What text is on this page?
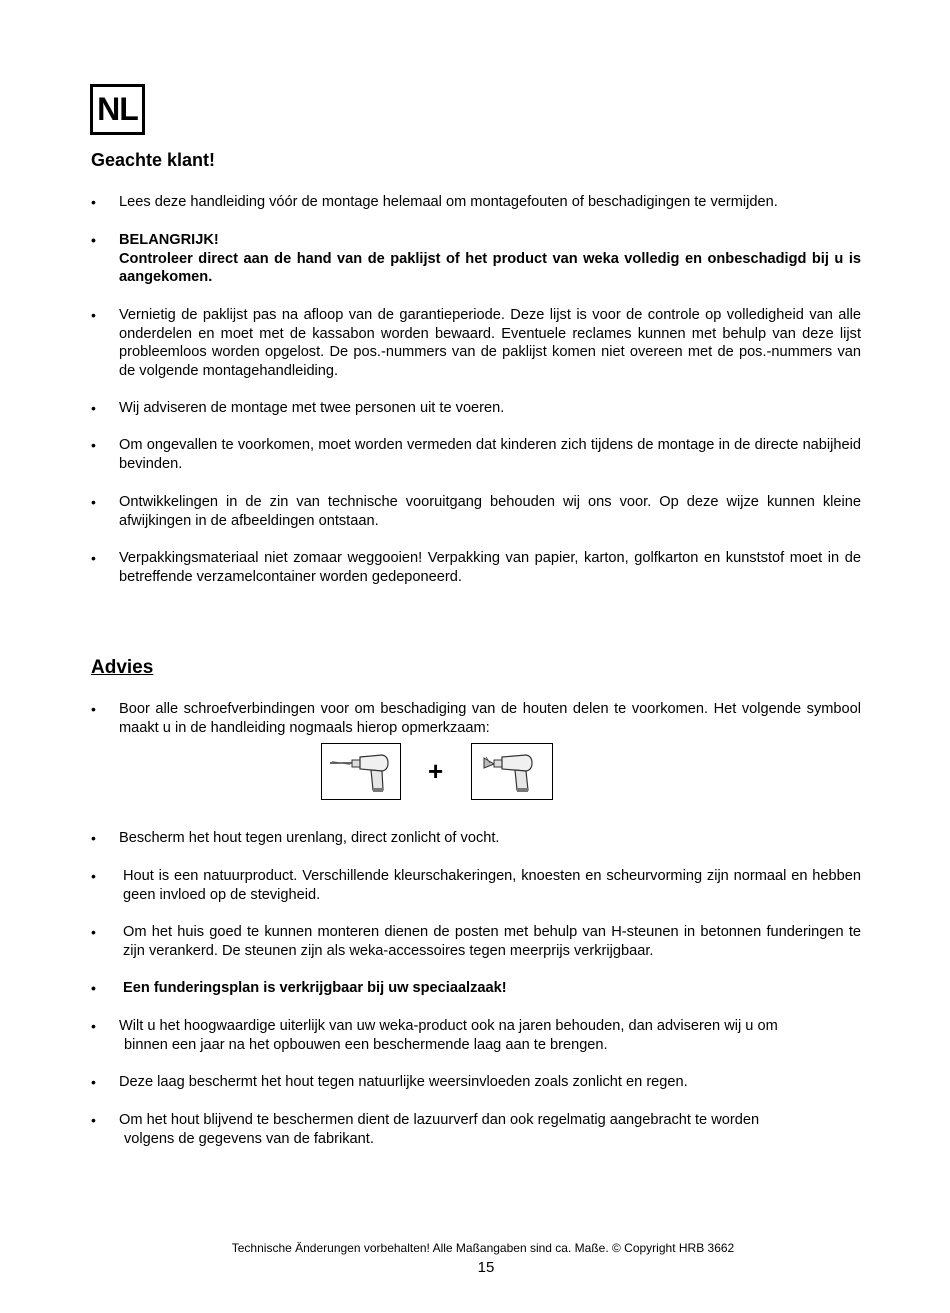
NL
Geachte klant!
• Lees deze handleiding vóór de montage helemaal om montagefouten of beschadigingen te vermijden.
• BELANGRIJK!
Controleer direct aan de hand van de paklijst of het product van weka volledig en onbeschadigd bij u is aangekomen.
• Vernietig de paklijst pas na afloop van de garantieperiode. Deze lijst is voor de controle op volledigheid van alle onderdelen en moet met de kassabon worden bewaard. Eventuele reclames kunnen met behulp van deze lijst probleemloos worden opgelost. De pos.-nummers van de paklijst komen niet overeen met de pos.-nummers van de volgende montagehandleiding.
• Wij adviseren de montage met twee personen uit te voeren.
• Om ongevallen te voorkomen, moet worden vermeden dat kinderen zich tijdens de montage in de directe nabijheid bevinden.
• Ontwikkelingen in de zin van technische vooruitgang behouden wij ons voor. Op deze wijze kunnen kleine afwijkingen in de afbeeldingen ontstaan.
• Verpakkingsmateriaal niet zomaar weggooien! Verpakking van papier, karton, golfkarton en kunststof moet in de betreffende verzamelcontainer worden gedeponeerd.
Advies
• Boor alle schroefverbindingen voor om beschadiging van de houten delen te voorkomen. Het volgende symbool maakt u in de handleiding nogmaals hierop opmerkzaam:
• Bescherm het hout tegen urenlang, direct zonlicht of vocht.
• Hout is een natuurproduct. Verschillende kleurschakeringen, knoesten en scheurvorming zijn normaal en hebben geen invloed op de stevigheid.
• Om het huis goed te kunnen monteren dienen de posten met behulp van H-steunen in betonnen funderingen te zijn verankerd. De steunen zijn als weka-accessoires tegen meerprijs verkrijgbaar.
• Een funderingsplan is verkrijgbaar bij uw speciaalzaak!
• Wilt u het hoogwaardige uiterlijk van uw weka-product ook na jaren behouden, dan adviseren wij u om
binnen een jaar na het opbouwen een beschermende laag aan te brengen.
• Deze laag beschermt het hout tegen natuurlijke weersinvloeden zoals zonlicht en regen.
• Om het hout blijvend te beschermen dient de lazuurverf dan ook regelmatig aangebracht te worden
volgens de gegevens van de fabrikant.
+
Technische Änderungen vorbehalten! Alle Maßangaben sind ca. Maße. © Copyright HRB 3662
15
